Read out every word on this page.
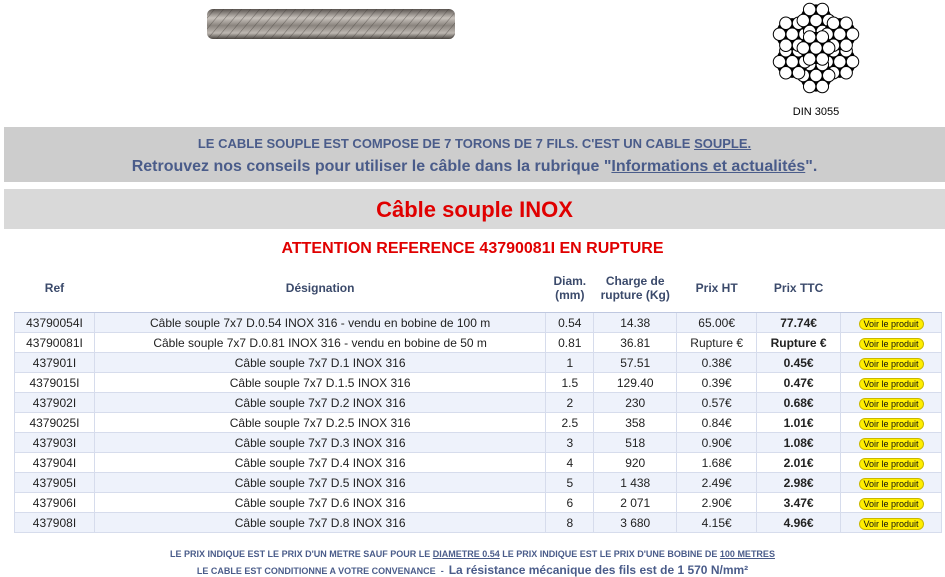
DIN 3055
LE CABLE SOUPLE EST COMPOSE DE 7 TORONS DE 7 FILS. C'EST UN CABLE SOUPLE.
Retrouvez nos conseils pour utiliser le câble dans la rubrique "Informations et actualités".
Câble souple INOX
ATTENTION REFERENCE 43790081I EN RUPTURE
Ref	Désignation	Diam. (mm)	Charge de rupture (Kg)	Prix HT	Prix TTC	
43790054I	Câble souple 7x7 D.0.54 INOX 316 - vendu en bobine de 100 m	0.54	14.38	65.00€	77.74€	Voir le produit
43790081I	Câble souple 7x7 D.0.81 INOX 316 - vendu en bobine de 50 m	0.81	36.81	Rupture €	Rupture €	Voir le produit
437901I	Câble souple 7x7 D.1 INOX 316	1	57.51	0.38€	0.45€	Voir le produit
4379015I	Câble souple 7x7 D.1.5 INOX 316	1.5	129.40	0.39€	0.47€	Voir le produit
437902I	Câble souple 7x7 D.2 INOX 316	2	230	0.57€	0.68€	Voir le produit
4379025I	Câble souple 7x7 D.2.5 INOX 316	2.5	358	0.84€	1.01€	Voir le produit
437903I	Câble souple 7x7 D.3 INOX 316	3	518	0.90€	1.08€	Voir le produit
437904I	Câble souple 7x7 D.4 INOX 316	4	920	1.68€	2.01€	Voir le produit
437905I	Câble souple 7x7 D.5 INOX 316	5	1 438	2.49€	2.98€	Voir le produit
437906I	Câble souple 7x7 D.6 INOX 316	6	2 071	2.90€	3.47€	Voir le produit
437908I	Câble souple 7x7 D.8 INOX 316	8	3 680	4.15€	4.96€	Voir le produit
LE PRIX INDIQUE EST LE PRIX D'UN METRE SAUF POUR LE DIAMETRE 0.54 LE PRIX INDIQUE EST LE PRIX D'UNE BOBINE DE 100 METRES
LE CABLE EST CONDITIONNE A VOTRE CONVENANCE  -  La résistance mécanique des fils est de 1 570 N/mm²
